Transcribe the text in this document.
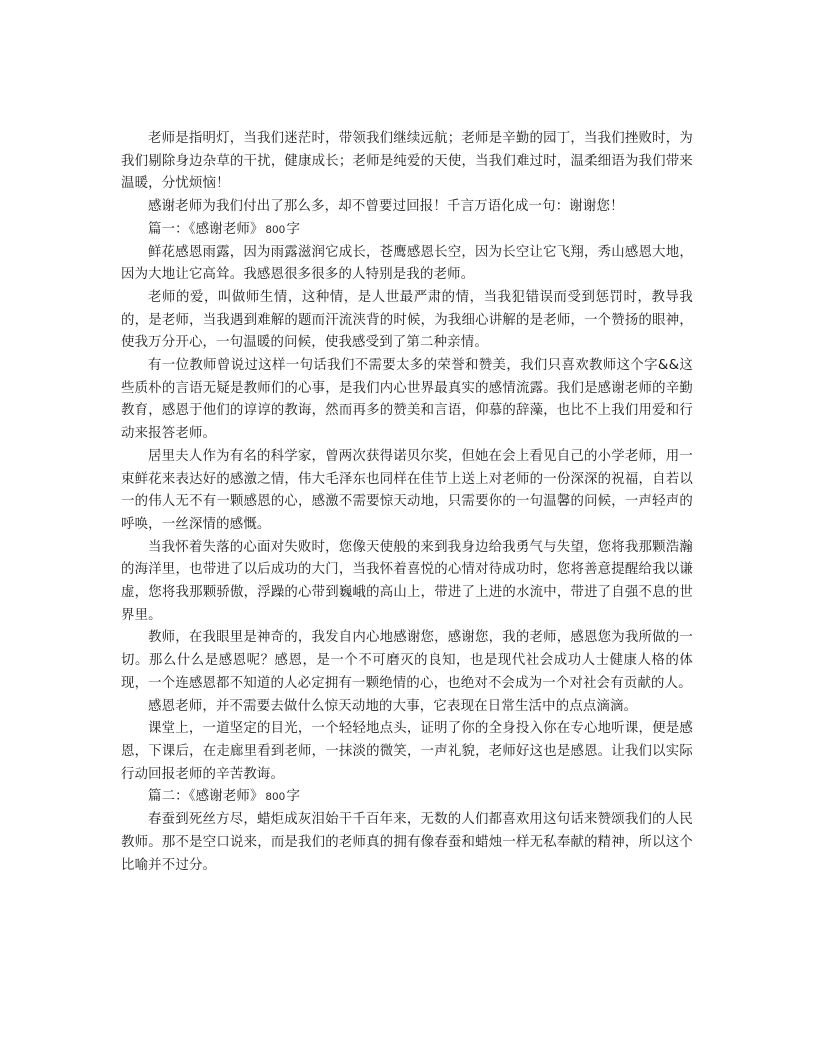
老师是指明灯，当我们迷茫时，带领我们继续远航；老师是辛勤的园丁，当我们挫败时，为我们剔除身边杂草的干扰，健康成长；老师是纯爱的天使，当我们难过时，温柔细语为我们带来温暖，分忧烦恼！

感谢老师为我们付出了那么多，却不曾要过回报！千言万语化成一句：谢谢您！

篇一：《感谢老师》 800字

鲜花感恩雨露，因为雨露滋润它成长，苍鹰感恩长空，因为长空让它飞翔，秀山感恩大地，因为大地让它高耸。我感恩很多很多的人特别是我的老师。

老师的爱，叫做师生情，这种情，是人世最严肃的情，当我犯错误而受到惩罚时，教导我的，是老师，当我遇到难解的题而汗流浃背的时候，为我细心讲解的是老师，一个赞扬的眼神，使我万分开心，一句温暖的问候，使我感受到了第二种亲情。

有一位教师曾说过这样一句话我们不需要太多的荣誉和赞美，我们只喜欢教师这个字&&这些质朴的言语无疑是教师们的心事，是我们内心世界最真实的感情流露。我们是感谢老师的辛勤教育，感恩于他们的谆谆的教诲，然而再多的赞美和言语，仰慕的辞藻，也比不上我们用爱和行动来报答老师。

居里夫人作为有名的科学家，曾两次获得诺贝尔奖，但她在会上看见自己的小学老师，用一束鲜花来表达好的感激之情，伟大毛泽东也同样在佳节上送上对老师的一份深深的祝福，自若以一的伟人无不有一颗感恩的心，感激不需要惊天动地，只需要你的一句温馨的问候，一声轻声的呼唤，一丝深情的感慨。

当我怀着失落的心面对失败时，您像天使般的来到我身边给我勇气与失望，您将我那颗浩瀚的海洋里，也带进了以后成功的大门，当我怀着喜悦的心情对待成功时，您将善意提醒给我以谦虚，您将我那颗骄傲，浮躁的心带到巍峨的高山上，带进了上进的水流中，带进了自强不息的世界里。

教师，在我眼里是神奇的，我发自内心地感谢您，感谢您，我的老师，感恩您为我所做的一切。那么什么是感恩呢？感恩，是一个不可磨灭的良知，也是现代社会成功人士健康人格的体现，一个连感恩都不知道的人必定拥有一颗绝情的心，也绝对不会成为一个对社会有贡献的人。

感恩老师，并不需要去做什么惊天动地的大事，它表现在日常生活中的点点滴滴。

课堂上，一道坚定的目光，一个轻轻地点头，证明了你的全身投入你在专心地听课，便是感恩，下课后，在走廊里看到老师，一抹淡的微笑，一声礼貌，老师好这也是感恩。让我们以实际行动回报老师的辛苦教诲。

篇二：《感谢老师》 800字

春蚕到死丝方尽，蜡炬成灰泪始干千百年来，无数的人们都喜欢用这句话来赞颂我们的人民教师。那不是空口说来，而是我们的老师真的拥有像春蚕和蜡烛一样无私奉献的精神，所以这个比喻并不过分。
